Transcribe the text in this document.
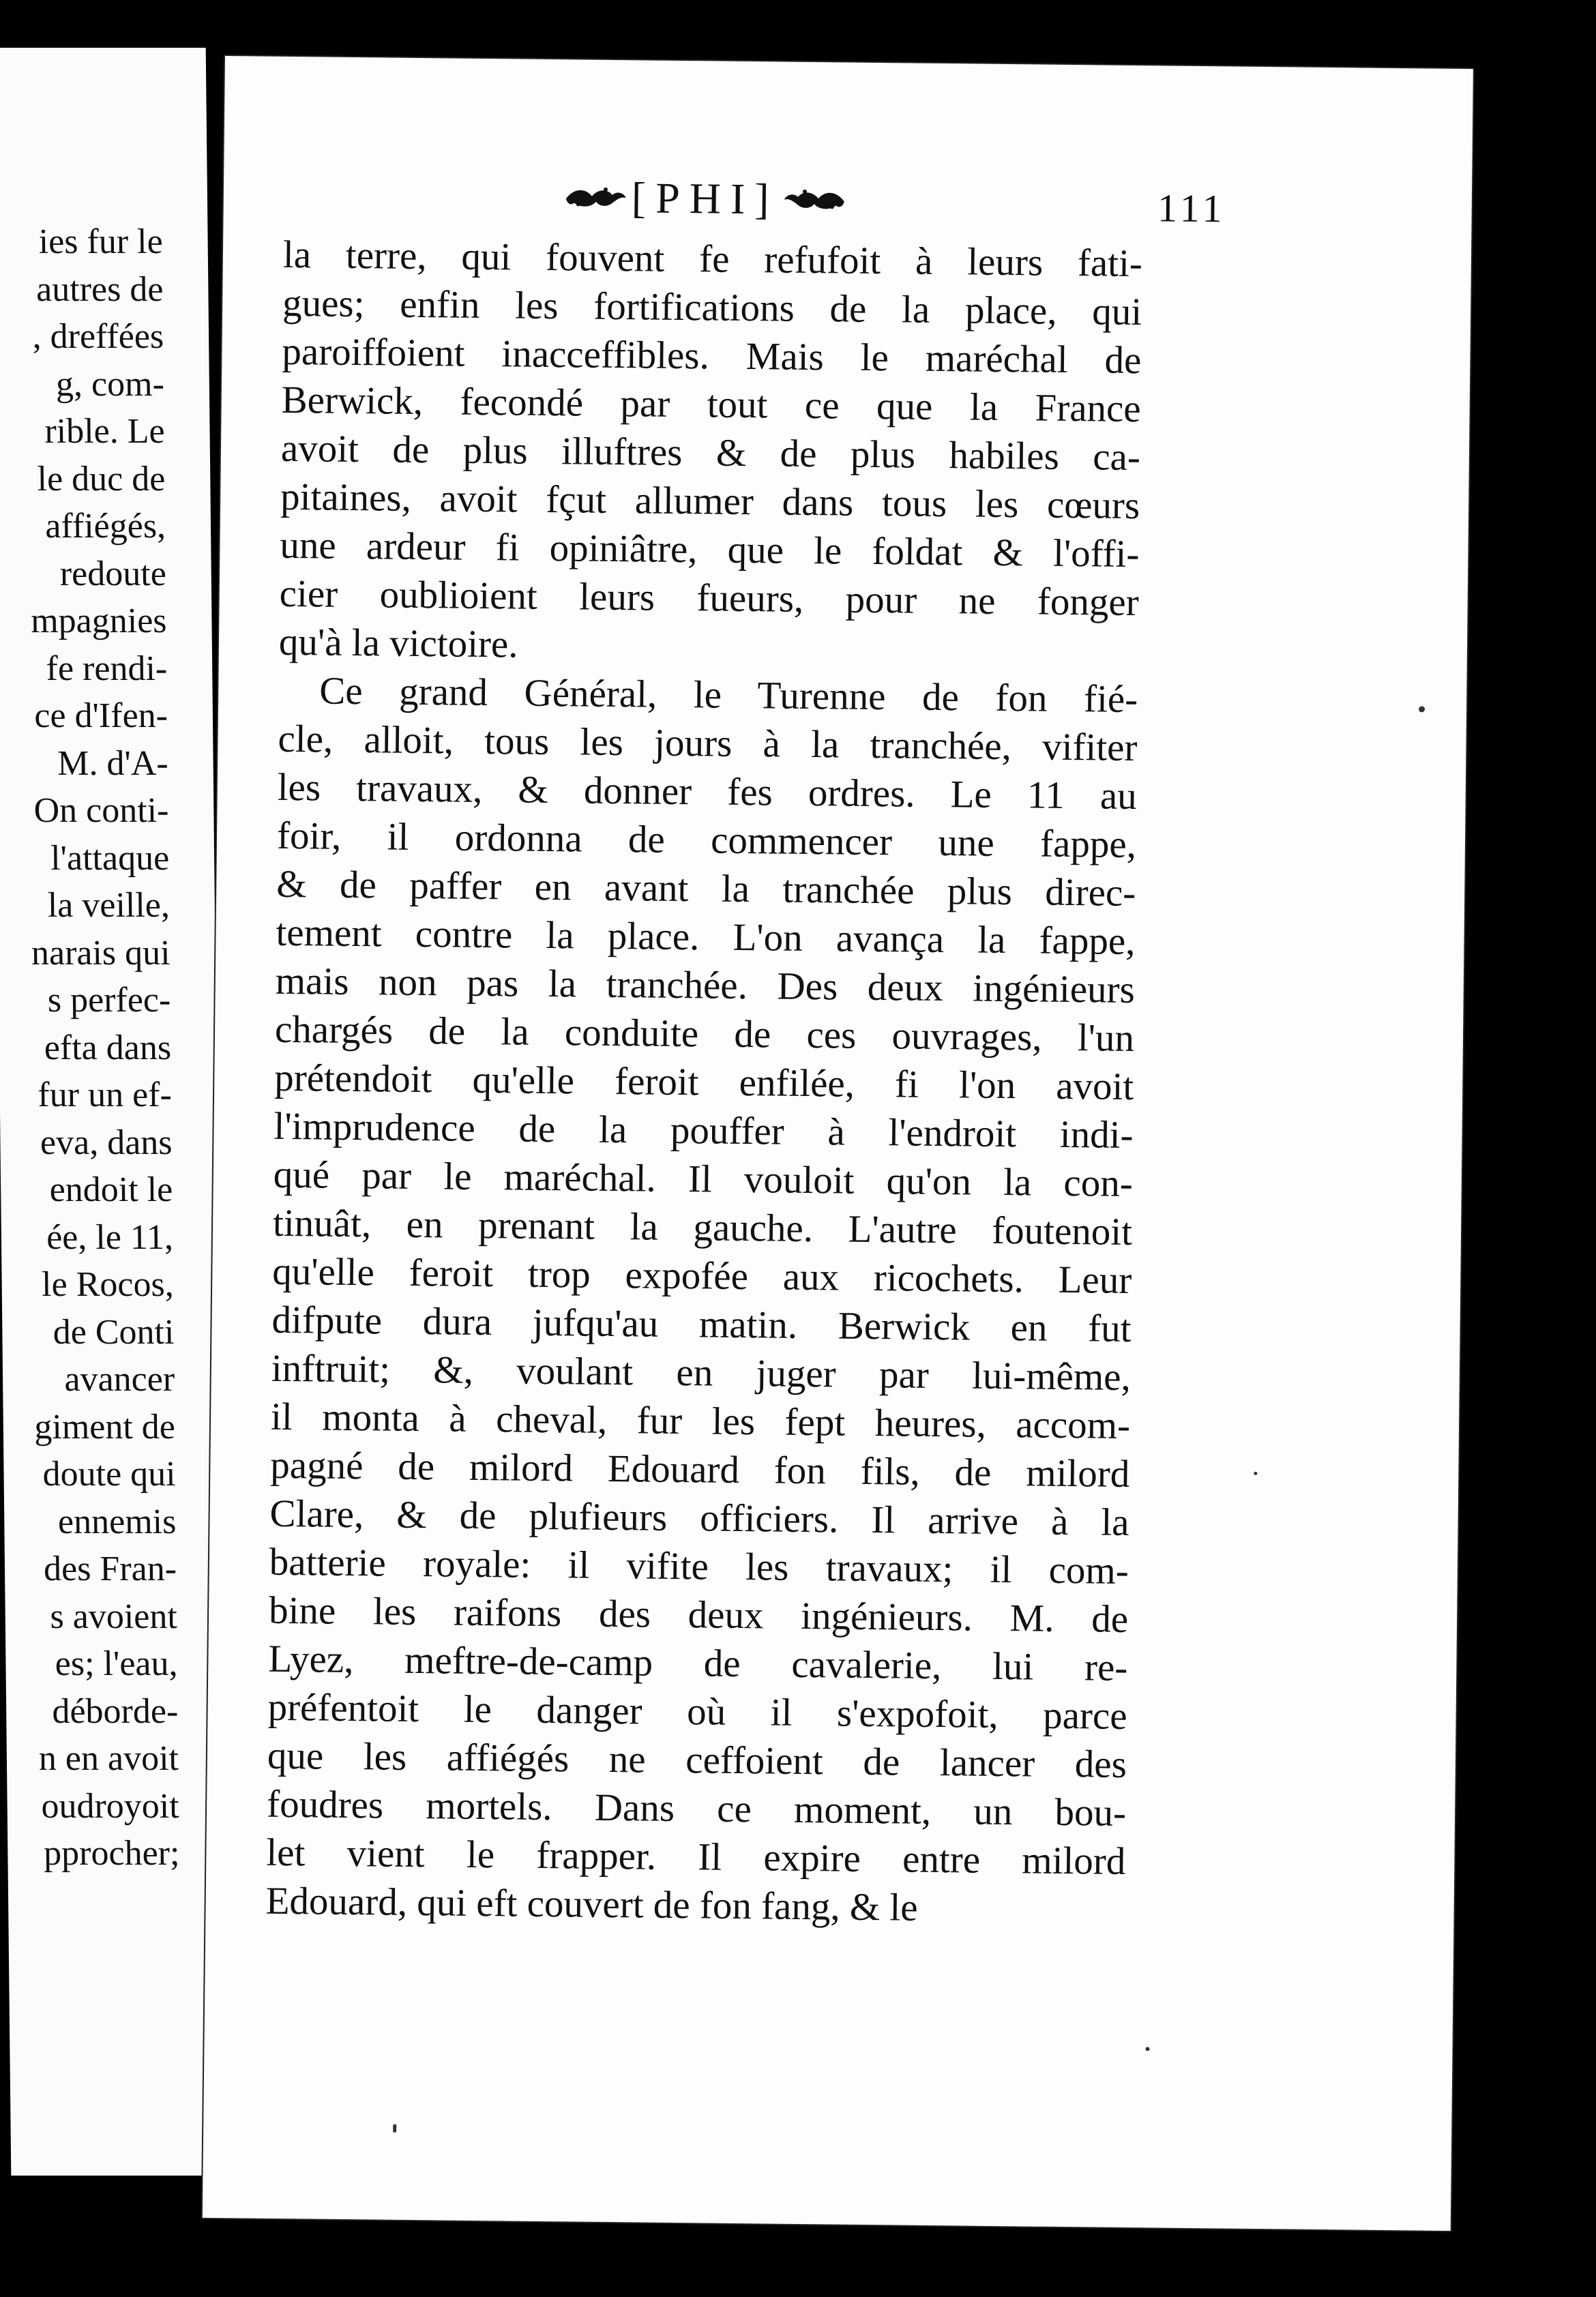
ies fur le
autres de
, dreffées
g, com-
rible. Le
le duc de
affiégés,
redoute
mpagnies
fe rendi-
ce d'Ifen-
M. d'A-
On conti-
l'attaque
la veille,
narais qui
s perfec-
efta dans
fur un ef-
eva, dans
endoit le
ée, le 11,
le Rocos,
de Conti
avancer
giment de
doute qui
ennemis
des Fran-
s avoient
es; l'eau,
déborde-
n en avoit
oudroyoit
pprocher;
[PHI]	111
la terre, qui fouvent fe refufoit à leurs fati-
gues; enfin les fortifications de la place, qui
paroiffoient inacceffibles. Mais le maréchal de
Berwick, fecondé par tout ce que la France
avoit de plus illuftres & de plus habiles ca-
pitaines, avoit fçut allumer dans tous les cœurs
une ardeur fi opiniâtre, que le foldat & l'offi-
cier oublioient leurs fueurs, pour ne fonger
qu'à la victoire.
Ce grand Général, le Turenne de fon fié-
cle, alloit, tous les jours à la tranchée, vifiter
les travaux, & donner fes ordres. Le 11 au
foir, il ordonna de commencer une fappe,
& de paffer en avant la tranchée plus direc-
tement contre la place. L'on avança la fappe,
mais non pas la tranchée. Des deux ingénieurs
chargés de la conduite de ces ouvrages, l'un
prétendoit qu'elle feroit enfilée, fi l'on avoit
l'imprudence de la pouffer à l'endroit indi-
qué par le maréchal. Il vouloit qu'on la con-
tinuât, en prenant la gauche. L'autre foutenoit
qu'elle feroit trop expofée aux ricochets. Leur
difpute dura jufqu'au matin. Berwick en fut
inftruit; &, voulant en juger par lui-même,
il monta à cheval, fur les fept heures, accom-
pagné de milord Edouard fon fils, de milord
Clare, & de plufieurs officiers. Il arrive à la
batterie royale: il vifite les travaux; il com-
bine les raifons des deux ingénieurs. M. de
Lyez, meftre-de-camp de cavalerie, lui re-
préfentoit le danger où il s'expofoit, parce
que les affiégés ne ceffoient de lancer des
foudres mortels. Dans ce moment, un bou-
let vient le frapper. Il expire entre milord
Edouard, qui eft couvert de fon fang, & le
